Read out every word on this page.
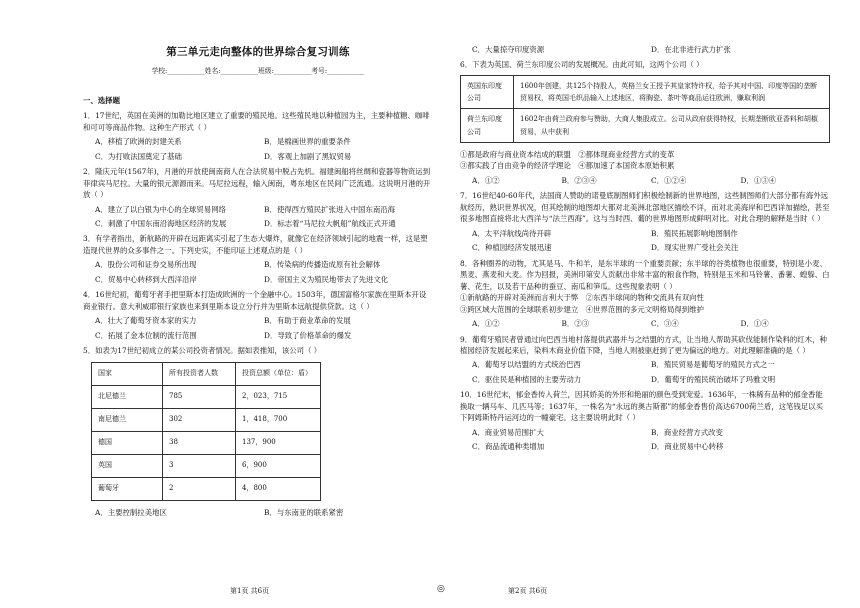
第三单元走向整体的世界综合复习训练
学校:___________姓名:___________班级:___________考号:___________
一、选择题

1．17世纪，英国在美洲的加勒比地区建立了重要的殖民地。这些殖民地以种植园为主，主要种植糖、咖啡和可可等商品作物。这种生产形式（ ）

A．移植了欧洲的封建关系	B．是棉画世界的重要条件
C．为打败法国奠定了基础	D．客观上加剧了黑奴贸易

2．隆庆元年(1567年)，月港的开放使闽南商人在合法贸易中脱占先机。福建闽船将丝绸和瓷器等物资运到菲律宾马尼拉。大量的银元源源而来。马尼拉远程，输入闽南，粤东地区在民间广泛流通。这说明月港的开放（ ）

A．建立了以白银为中心的全球贸易网络	B．使得西方殖民扩张进入中国东南沿海
C．刺激了中国东南沿海地区经济的发展	D．标志着“马尼拉大帆船”航线正式开通

3．有学者指出，新航路的开辟在远距离实引起了生态大爆炸，就像它在经济领域引起的地震一样，这是塑造现代世界的众多事件之一。下列史实，不能印证上述观点的是（ ）

A．股份公司和证券交易所出现	B．传染病的传播造成原有社会解体
C．贸易中心转移到大西洋沿岸	D．帝国主义为殖民地带去了先进文化

4．16世纪初，葡萄牙者手把里斯本打造成欧洲的一个金融中心。1503年，德国富格尔家族在里斯本开设商业银行。意大利威耶银行家族也来到里斯本设立分行并为里斯本远航提供贷款。这（ ）

A．壮大了葡萄牙资本家的实力	B．有助于商业革命的发展
C．拓展了金本位制的流行范围	D．导致了价格革命的爆发

5．如表为17世纪初成立的某公司投资者情况。据如表推知，该公司（ ）

国家	所有投资者人数	投资总额（单位：盾）
北尼德兰	785	2，023，715
南尼德兰	302	1，418，700
德国	38	137，900
英国	3	6，900
葡萄牙	2	4，800
A．主要控制拉美地区	B．与东南亚的联系紧密
C．大量掠夺印度资源	D．在北非进行武力扩张

6．下表为英国、荷兰东印度公司的发展概况。由此可知，这两个公司（ ）

英国东印度公司	1600年创建，共125个持股人，英格兰女王授予其皇家特许权，给予其对中国、印度等国的垄断贸易权，将英国毛织品输入上述地区，将胸瓷、茶叶等商品运往欧洲，赚取利润
荷兰东印度公司	1602年由荷兰政府参与赞助，大商人集股成立。公司从政府获得特权，长期垄断欧亚香料和胡椒贸易，从中获利

①都是政府与商业资本结成的联盟　②都体现商业经营方式的变革

③都实践了自由竞争的经济学理论　④都加速了本国资本原始积累

A．①②	B．②③④	C．①②④	D．①③④

7．16世纪40-60年代，法国商人赞助的诺曼底制图师们积极绘制新的世界地图，这些制图师们大部分都有海外远航经历，熟识世界状况，但其绘制的地图却大都对北美洲北部地区描绘不详，而对北美海岸和巴西详加描绘，甚至很多地图直接将北大西洋与“法兰西海”。这与当时西、葡的世界地图形成鲜明对比。对此合理的解释是当时（ ）

A．太平洋航线尚待开辟	B．殖民拓展影响地图制作
C．种植园经济发展迅速	D．现实世界广受社会关注

8．各种圈养的动物，尤其是马、牛和羊，是东半球的一个重要贡献；东半球的谷类植物也很重要，特别是小麦、黑麦、燕麦和大麦。作为回报，美洲印第安人贡献出非常丰富的粮食作物，特别是玉米和马铃薯、番薯、蝗躲、白薯、花生，以及若干品种的蚕豆、南瓜和笋瓜。这些现象表明（ ）

①新航路的开辟对美洲而言利大于弊　②东西半球间的物种交流具有双向性

③跨区域大范围的全球联系初步建立　④世界范围的多元文明格局得到维护

A．①②	B．②③	C．③④	D．①④

9．葡萄牙殖民者曾通过向巴西当地村落提供武器并与之结盟的方式，让当地人帮助其砍伐能制作染料的红木，种植园经济发展起来后，染料木商业价值下降，当地人则被驱赶到了更为偏远的地方。对此理解准确的是（ ）

A．葡萄牙以结盟的方式统治巴西	B．殖民贸易是葡萄牙的殖民方式之一
C．驱住民是种植园的主要劳动力	D．葡萄牙的殖民统治破坏了玛雅文明

10．16世纪末，郁金香传入荷兰，因其娇美的外形和艳丽的颜色受到宠爱。1636年，一株稀有品种的郁金香能换取一辆马车、几匹马等；1637年，一株名为“永远的奥古斯都”的郁金香售价高达6700荷兰盾，这笔钱足以买下阿姆斯特丹运河边的一幢豪宅。这主要说明此时（ ）

A．商业贸易范围扩大	B．商业经营方式改变
C．商品流通种类增加	D．商业贸易中心转移
第1页 共6页	◎	第2页 共6页
